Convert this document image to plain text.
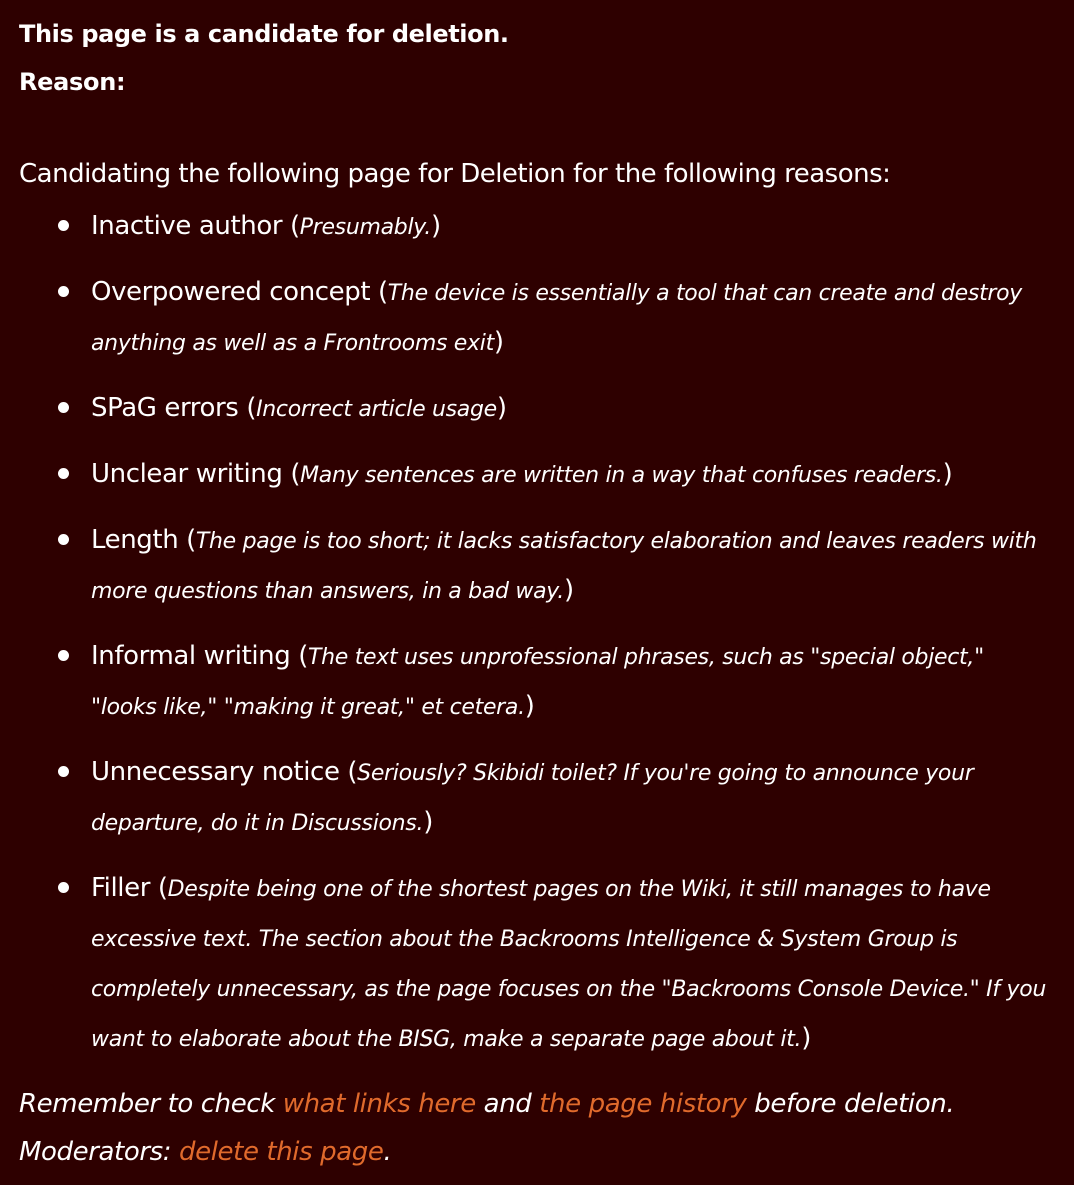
This page is a candidate for deletion.

Reason:

Candidating the following page for Deletion for the following reasons:

Inactive author (Presumably.)
Overpowered concept (The device is essentially a tool that can create and destroy anything as well as a Frontrooms exit)
SPaG errors (Incorrect article usage)
Unclear writing (Many sentences are written in a way that confuses readers.)
Length (The page is too short; it lacks satisfactory elaboration and leaves readers with more questions than answers, in a bad way.)
Informal writing (The text uses unprofessional phrases, such as "special object," "looks like," "making it great," et cetera.)
Unnecessary notice (Seriously? Skibidi toilet? If you're going to announce your departure, do it in Discussions.)
Filler (Despite being one of the shortest pages on the Wiki, it still manages to have excessive text. The section about the Backrooms Intelligence & System Group is completely unnecessary, as the page focuses on the "Backrooms Console Device." If you want to elaborate about the BISG, make a separate page about it.)
Remember to check what links here and the page history before deletion.
Moderators: delete this page.
